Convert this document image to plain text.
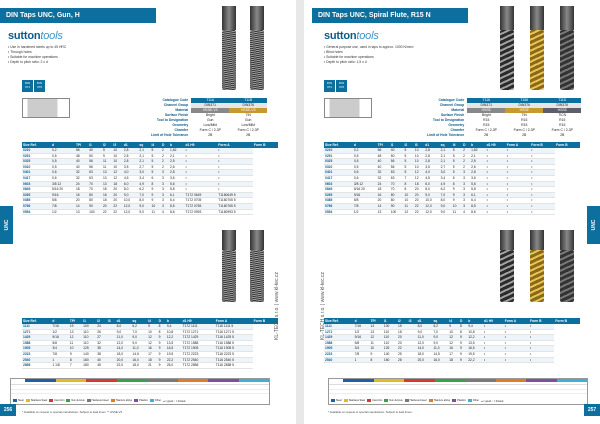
DIN Taps UNC, Gun, H
suttontools
• Use in hardened steels up to 45 HRC
• Through holes
• Suitable for machine operations
• Depth to pitch ratio: 2 x d
DIN
371
DIN
376
Catalogue Code	T11A	T11B
Channel Group	DIN371	DIN376
Material	HSSE-V3	HSSE-V3
Surface Finish	Bright	TiN
Tool to Designation	Gun	Gun
Geometry	Low/Mild	Low/Mild
Chamfer	Form C / 2-3P	Form C / 2-3P
Limit of Hole Tolerance	2B	2B
Size Ref.	d	TPI	l1	l2	l3	d1	sq	l4	D	b	d1 H9	Form A	Form B
0210	0,2	56	40	5	10	2,8	2,1	5	2	1,82	•	•	
0251	0,5	48	50	9	10	2,8	2,1	5	2	2,1	•	•	
0325	0,5	40	56	11	10	2,8	2,1	5	2	2,5	•	•	
0310	0,5	40	56	11	10	3,5	2,7	5	2	2,6	•	•	
0401	0,6	32	63	13	12	4,0	3,0	5	3	2,8	•	•	
0417	0,6	32	63	13	12	4,5	3,4	6	3	3,6	•	•	
0603	3/8 12	24	70	13	18	6,0	4,9	8	3	5,6	•	•	
0849	5/16 20	18	70	18	20	8,0	6,2	9	3	5,8	•	•	
0265	9/16	16	80	18	20	9,0	7,0	9	3	6,1	T172 0649	T1160649 5	
0385	5/8	20	80	18	20	10,0	8,0	9	3	6,4	T172 0705	T1160705 5	
0766	7/8	14	90	20	22	12,0	9,0	10	3	8,5	T172 0765	T1160765 5	
0554	1/2	13	100	22	22	12,0	9,0	11	4	8,6	T172 0993	T1160993 5	
Size Ref.	d	TPI	l1	l2	l3	d1	sq	l4	D	b	d1 H9	Form A	Form B
1111	7/16	19	100	24		8,0	6,2	9	8	9,4	T172 1111	T116 1111 5	
1271	1/2	13	110	26		9,0	7,0	10	8	10,8	T172 1271	T116 1271 5	
1429	9/16	12	110	27		11,0	9,0	12	9	12,2	T172 1429	T116 1429 5	
1588	5/8	11	110	32		12,0	9,0	12	9	13,5	T172 1588	T116 1588 5	
1905	3/4	10	125	35		14,0	11,0	16	9	16,5	T172 1905	T116 1905 5	
2223	7/8	9	140	38		18,0	14,5	17	9	19,5	T172 2223	T116 2223 5	
2540	1	8	160	40		20,0	16,0	18	9	22,2	T172 2540	T116 2540 5	
2858	1 1/8	7	180	45		22,0	18,0	21	9	25,0	T172 2858	T116 2858 5	
UNC
KL-TECH s.r.o. | www.kl-tec.cz
Steel	Stainless Steel	Cast Iron	Non-ferrous	Hardened steel	Titanium alloys	Plastics	Other ● = good ○ = limited
* Available on request or special manufacture. Subject to lead times. ** HSSE-V3
256
DIN Taps UNC, Spiral Flute, R15 N
suttontools
• General purpose use, used in taps to approx. 1000 N/mm²
• Blind holes
• Suitable for machine operations
• Depth to pitch ratio: 1,5 x d
DIN
371
DIN
376
Catalogue Code	T116	T186	T11D
Channel Group	DIN371	DIN376	DIN376
Material	HSSE	HSSE	HSSE
Surface Finish	Bright	TiN	TiCN
Tool to Designation	R15	R15	R15
Geometry	R15	R15	R15
Chamfer	Form C / 2-3P	Form C / 2-3P	Form C / 2-3P
Limit of Hole Tolerance	2B	2B	2B
Size Ref.	d	TPI	l1	l2	l3	d1	sq	l4	D	b	d1 H9	Form A	Form B	Form B
0210	0,2	56	40	5	10	2,8	2,1	5	2	1,82	•	•	•	
0251	0,5	48	50	5	10	2,8	2,1	5	2	2,1	•	•	•	
0325	0,5	40	56	5	10	2,8	2,1	5	2	2,5	•	•	•	
0310	0,5	40	56	5	10	3,5	2,7	5	2	2,6	•	•	•	
0401	0,6	32	63	5	12	4,0	3,0	5	3	2,8	•	•	•	
0417	0,6	32	63	7	12	4,5	3,4	6	3	3,6	•	•	•	
0603	3/8 12	24	70	8	18	6,0	4,9	8	3	5,6	•	•	•	
0849	5/16 20	18	70	8	20	8,0	6,2	9	3	5,8	•	•	•	
0265	9/16	16	80	10	20	9,0	7,0	9	3	6,1	•	•	•	
0385	5/8	20	80	10	20	10,0	8,0	9	3	6,4	•	•	•	
0766	7/8	14	90	11	22	12,0	9,0	10	3	8,5	•	•	•	
0554	1/2	13	100	12	22	12,0	9,0	11	4	8,6	•	•	•	
Size Ref.	d	TPI	l1	l2	l3	d1	sq	l4	D	b	d1 H9	Form A	Form B	Form B
1111	7/16	14	100	15		8,0	6,2	9	8	9,4	•	•	•	
1271	1/2	13	110	18		9,0	7,0	10	8	10,8	•	•	•	
1429	9/16	12	110	20		11,0	9,0	12	9	12,2	•	•	•	
1588	5/8	11	110	20		12,0	9,0	12	9	13,5	•	•	•	
1905	3/4	10	125	22		14,0	11,0	16	9	16,5	•	•	•	
2223	7/8	9	140	25		18,0	14,5	17	9	19,5	•	•	•	
2540	1	8	160	28		20,0	16,0	18	9	22,2	•	•	•	
UNC
KL-TECH s.r.o. | www.kl-tec.cz
Steel	Stainless Steel	Cast Iron	Non-ferrous	Hardened steel	Titanium alloys	Plastics	Other ● = good ○ = limited
* Available on request or special manufacture. Subject to lead times.	257
